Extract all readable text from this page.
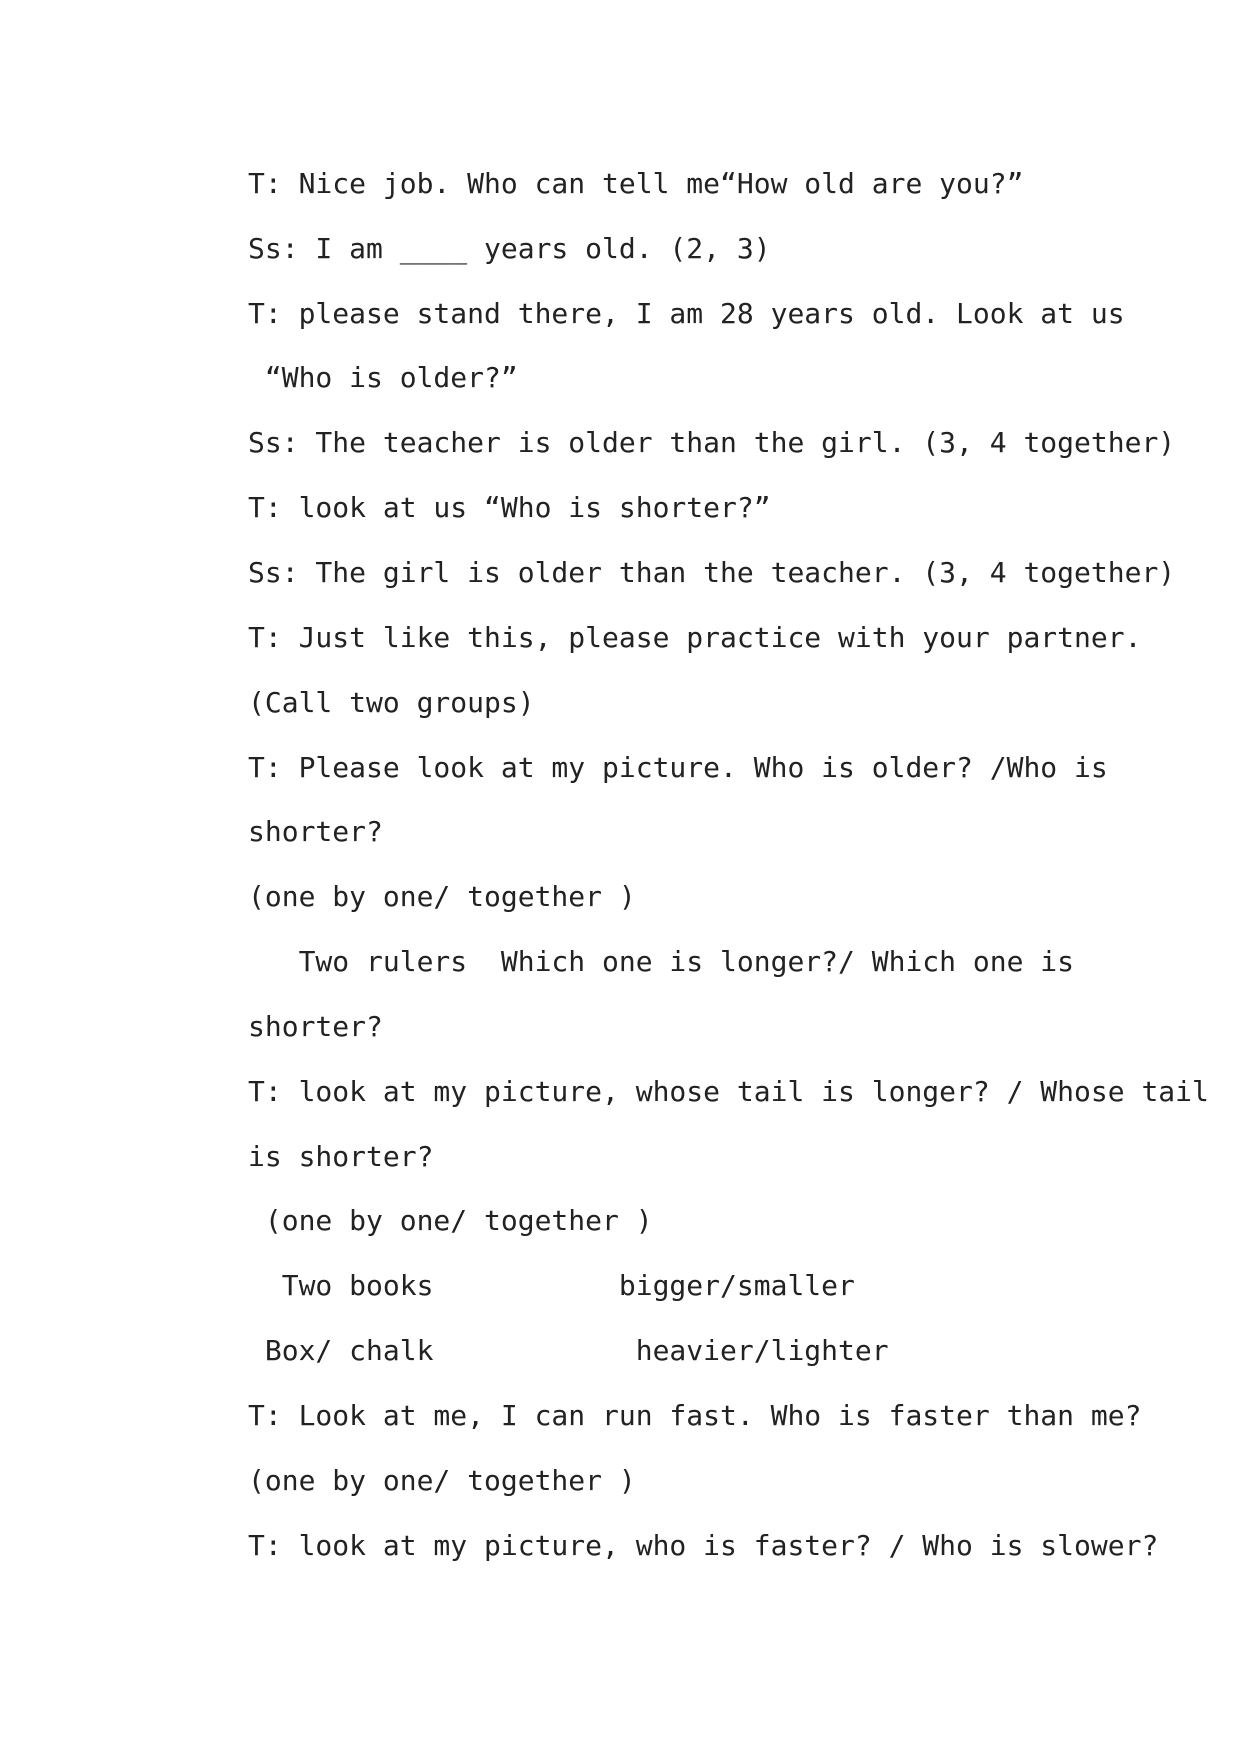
T: Nice job. Who can tell me“How old are you?”
Ss: I am ____ years old. (2, 3)
T: please stand there, I am 28 years old. Look at us
“Who is older?”
Ss: The teacher is older than the girl. (3, 4 together)
T: look at us “Who is shorter?”
Ss: The girl is older than the teacher. (3, 4 together)
T: Just like this, please practice with your partner.
(Call two groups)
T: Please look at my picture. Who is older? /Who is
shorter?
(one by one/ together )
Two rulers  Which one is longer?/ Which one is
shorter?
T: look at my picture, whose tail is longer? / Whose tail
is shorter?
(one by one/ together )
Two books           bigger/smaller
Box/ chalk            heavier/lighter
T: Look at me, I can run fast. Who is faster than me?
(one by one/ together )
T: look at my picture, who is faster? / Who is slower?
